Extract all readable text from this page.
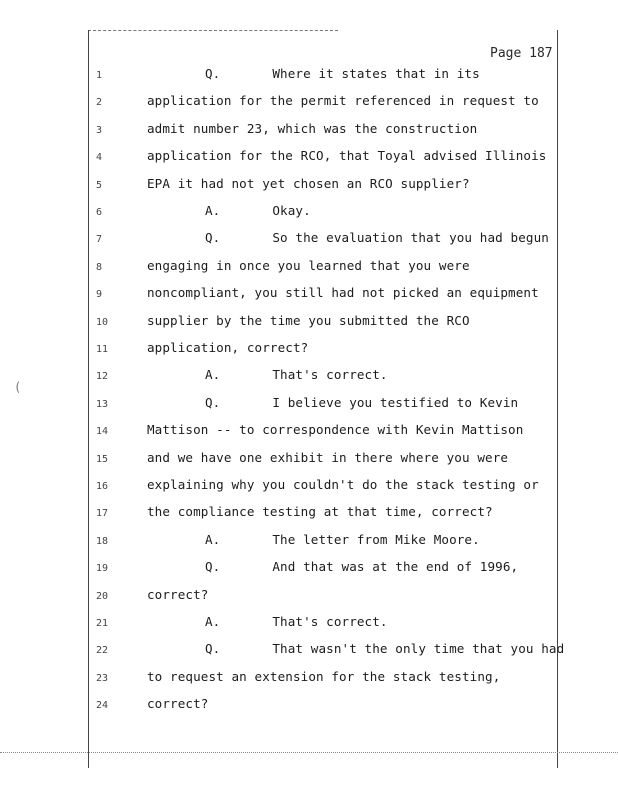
(
Page 187
1	Q.	Where it states that in its
2	application for the permit referenced in request to
3	admit number 23, which was the construction
4	application for the RCO, that Toyal advised Illinois
5	EPA it had not yet chosen an RCO supplier?
6	A.	Okay.
7	Q.	So the evaluation that you had begun
8	engaging in once you learned that you were
9	noncompliant, you still had not picked an equipment
10	supplier by the time you submitted the RCO
11	application, correct?
12	A.	That's correct.
13	Q.	I believe you testified to Kevin
14	Mattison -- to correspondence with Kevin Mattison
15	and we have one exhibit in there where you were
16	explaining why you couldn't do the stack testing or
17	the compliance testing at that time, correct?
18	A.	The letter from Mike Moore.
19	Q.	And that was at the end of 1996,
20	correct?
21	A.	That's correct.
22	Q.	That wasn't the only time that you had
23	to request an extension for the stack testing,
24	correct?
